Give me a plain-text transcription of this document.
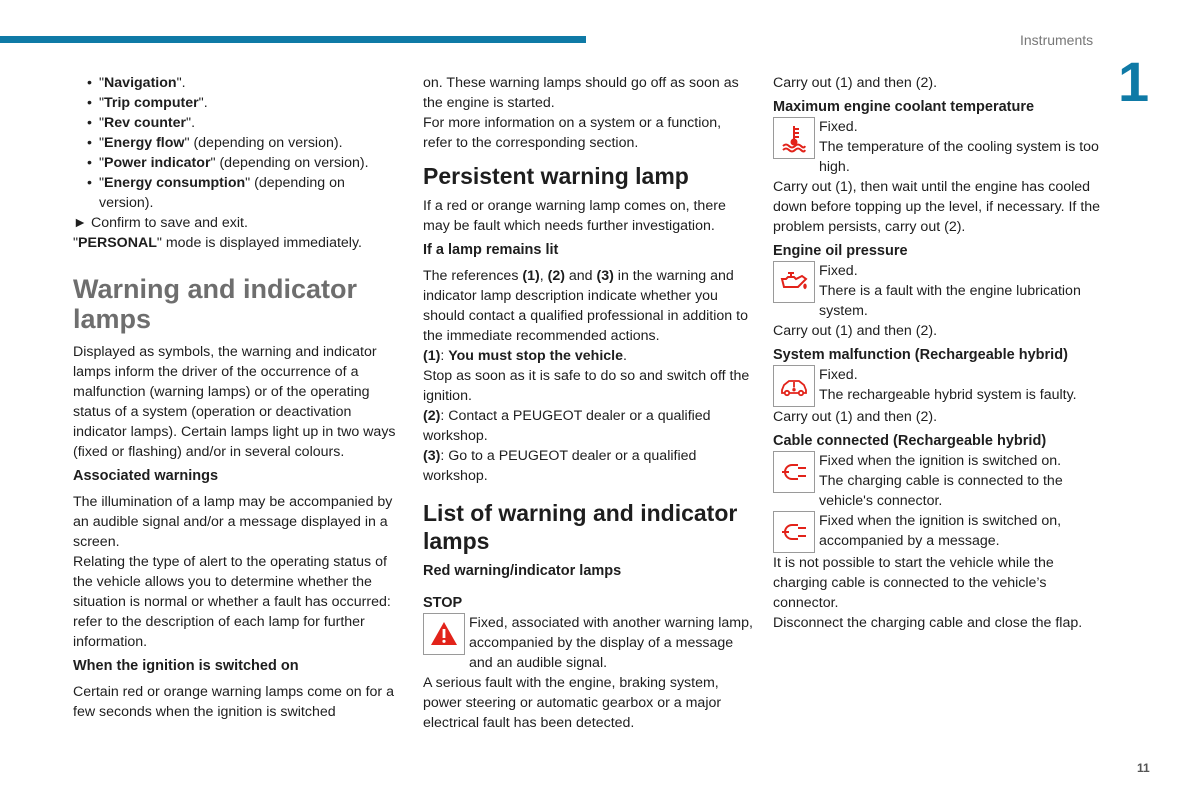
Instruments
1
11
• "Navigation".
• "Trip computer".
• "Rev counter".
• "Energy flow" (depending on version).
• "Power indicator" (depending on version).
• "Energy consumption" (depending on version).

► Confirm to save and exit.

"PERSONAL" mode is displayed immediately.

Warning and indicator lamps

Displayed as symbols, the warning and indicator lamps inform the driver of the occurrence of a malfunction (warning lamps) or of the operating status of a system (operation or deactivation indicator lamps). Certain lamps light up in two ways (fixed or flashing) and/or in several colours.

Associated warnings

The illumination of a lamp may be accompanied by an audible signal and/or a message displayed in a screen.

Relating the type of alert to the operating status of the vehicle allows you to determine whether the situation is normal or whether a fault has occurred: refer to the description of each lamp for further information.

When the ignition is switched on

Certain red or orange warning lamps come on for a few seconds when the ignition is switched

on. These warning lamps should go off as soon as the engine is started.

For more information on a system or a function, refer to the corresponding section.

Persistent warning lamp

If a red or orange warning lamp comes on, there may be fault which needs further investigation.

If a lamp remains lit

The references (1), (2) and (3) in the warning and indicator lamp description indicate whether you should contact a qualified professional in addition to the immediate recommended actions.

(1): You must stop the vehicle.

Stop as soon as it is safe to do so and switch off the ignition.

(2): Contact a PEUGEOT dealer or a qualified workshop.

(3): Go to a PEUGEOT dealer or a qualified workshop.

List of warning and indicator lamps
Red warning/indicator lamps
STOP

Fixed, associated with another warning lamp, accompanied by the display of a message and an audible signal.

A serious fault with the engine, braking system, power steering or automatic gearbox or a major electrical fault has been detected.

Carry out (1) and then (2).

Maximum engine coolant temperature

Fixed.

The temperature of the cooling system is too high.

Carry out (1), then wait until the engine has cooled down before topping up the level, if necessary. If the problem persists, carry out (2).

Engine oil pressure

Fixed.

There is a fault with the engine lubrication system.

Carry out (1) and then (2).

System malfunction (Rechargeable hybrid)

Fixed.

The rechargeable hybrid system is faulty.

Carry out (1) and then (2).

Cable connected (Rechargeable hybrid)

Fixed when the ignition is switched on.

The charging cable is connected to the vehicle's connector.

Fixed when the ignition is switched on, accompanied by a message.

It is not possible to start the vehicle while the charging cable is connected to the vehicle’s connector.

Disconnect the charging cable and close the flap.
